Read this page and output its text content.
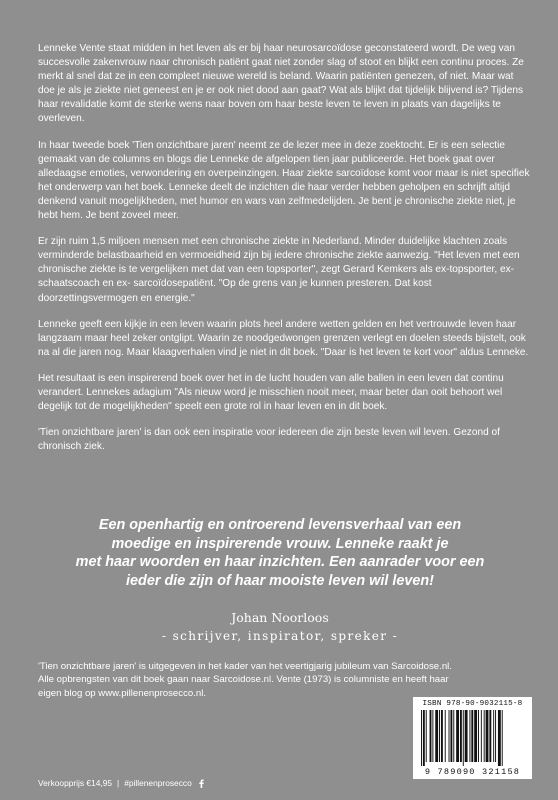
Lenneke Vente staat midden in het leven als er bij haar neurosarcoïdose geconstateerd wordt. De weg van succesvolle zakenvrouw naar chronisch patiënt gaat niet zonder slag of stoot en blijkt een continu proces. Ze merkt al snel dat ze in een compleet nieuwe wereld is beland. Waarin patiënten genezen, of niet. Maar wat doe je als je ziekte niet geneest en je er ook niet dood aan gaat? Wat als blijkt dat tijdelijk blijvend is? Tijdens haar revalidatie komt de sterke wens naar boven om haar beste leven te leven in plaats van dagelijks te overleven.

In haar tweede boek 'Tien onzichtbare jaren' neemt ze de lezer mee in deze zoektocht. Er is een selectie gemaakt van de columns en blogs die Lenneke de afgelopen tien jaar publiceerde. Het boek gaat over alledaagse emoties, verwondering en overpeinzingen. Haar ziekte sarcoïdose komt voor maar is niet specifiek het onderwerp van het boek. Lenneke deelt de inzichten die haar verder hebben geholpen en schrijft altijd denkend vanuit mogelijkheden, met humor en wars van zelfmedelijden. Je bent je chronische ziekte niet, je hebt hem. Je bent zoveel meer.

Er zijn ruim 1,5 miljoen mensen met een chronische ziekte in Nederland. Minder duidelijke klachten zoals verminderde belastbaarheid en vermoeidheid zijn bij iedere chronische ziekte aanwezig. "Het leven met een chronische ziekte is te vergelijken met dat van een topsporter", zegt Gerard Kemkers als ex-topsporter, ex-schaatscoach en ex- sarcoïdosepatiënt. "Op de grens van je kunnen presteren. Dat kost doorzettingsvermogen en energie."

Lenneke geeft een kijkje in een leven waarin plots heel andere wetten gelden en het vertrouwde leven haar langzaam maar heel zeker ontglipt. Waarin ze noodgedwongen grenzen verlegt en doelen steeds bijstelt, ook na al die jaren nog. Maar klaagverhalen vind je niet in dit boek. "Daar is het leven te kort voor" aldus Lenneke.

Het resultaat is een inspirerend boek over het in de lucht houden van alle ballen in een leven dat continu verandert. Lennekes adagium "Als nieuw word je misschien nooit meer, maar beter dan ooit behoort wel degelijk tot de mogelijkheden" speelt een grote rol in haar leven en in dit boek.

'Tien onzichtbare jaren' is dan ook een inspiratie voor iedereen die zijn beste leven wil leven. Gezond of chronisch ziek.

Een openhartig en ontroerend levensverhaal van een
moedige en inspirerende vrouw. Lenneke raakt je
met haar woorden en haar inzichten. Een aanrader voor een
ieder die zijn of haar mooiste leven wil leven!
Johan Noorloos
- schrijver, inspirator, spreker -
'Tien onzichtbare jaren' is uitgegeven in het kader van het veertigjarig jubileum van Sarcoidose.nl.
Alle opbrengsten van dit boek gaan naar Sarcoidose.nl. Vente (1973) is columniste en heeft haar
eigen blog op www.pillenenprosecco.nl.
ISBN 978-90-9032115-8
9 789090 321158
Verkoopprijs €14,95 | #pillenenprosecco
